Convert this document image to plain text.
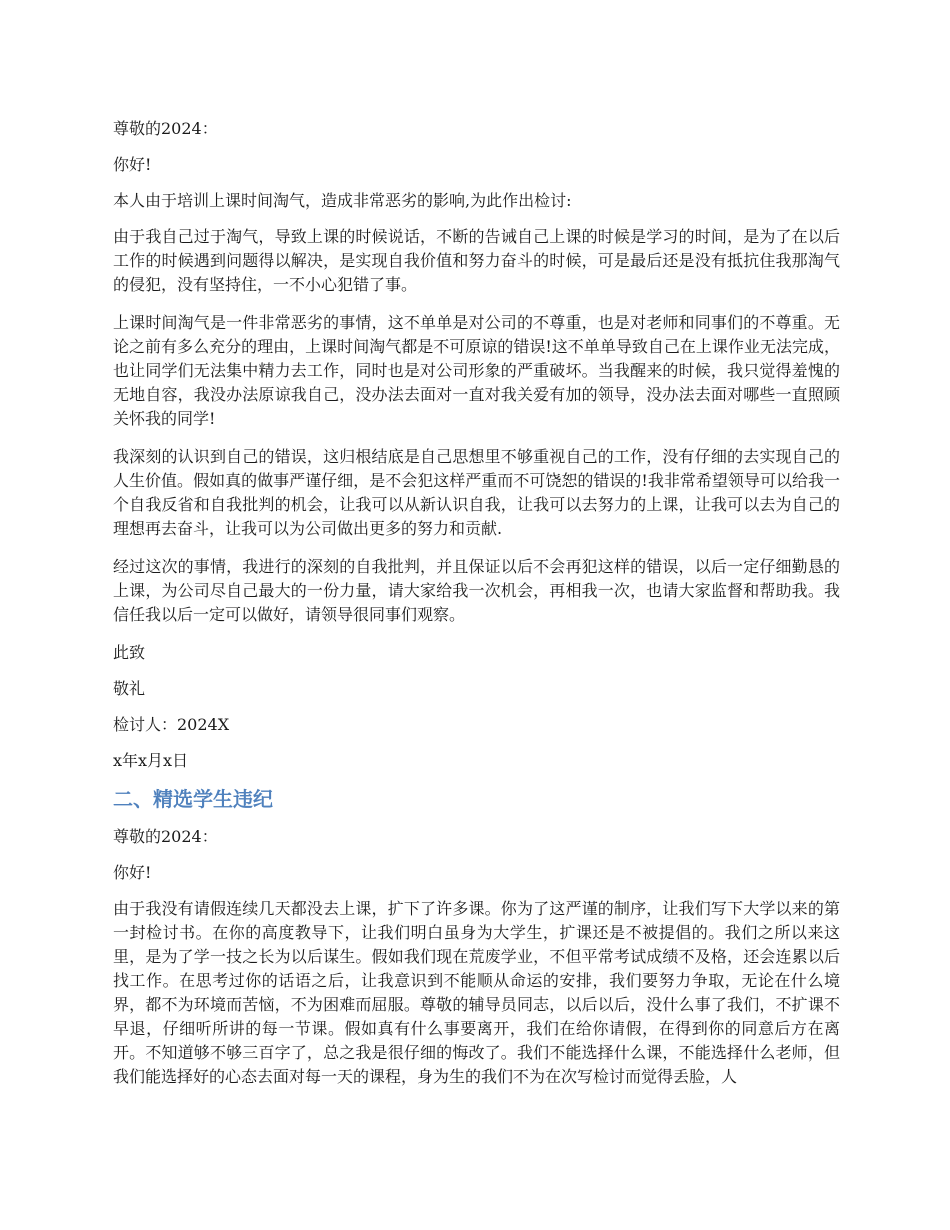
尊敬的2024：

你好!

本人由于培训上课时间淘气，造成非常恶劣的影响,为此作出检讨:

由于我自己过于淘气，导致上课的时候说话，不断的告诫自己上课的时候是学习的时间，是为了在以后工作的时候遇到问题得以解决，是实现自我价值和努力奋斗的时候，可是最后还是没有抵抗住我那淘气的侵犯，没有坚持住，一不小心犯错了事。

上课时间淘气是一件非常恶劣的事情，这不单单是对公司的不尊重，也是对老师和同事们的不尊重。无论之前有多么充分的理由，上课时间淘气都是不可原谅的错误!这不单单导致自己在上课作业无法完成，也让同学们无法集中精力去工作，同时也是对公司形象的严重破坏。当我醒来的时候，我只觉得羞愧的无地自容，我没办法原谅我自己，没办法去面对一直对我关爱有加的领导，没办法去面对哪些一直照顾关怀我的同学!

我深刻的认识到自己的错误，这归根结底是自己思想里不够重视自己的工作，没有仔细的去实现自己的人生价值。假如真的做事严谨仔细，是不会犯这样严重而不可饶恕的错误的!我非常希望领导可以给我一个自我反省和自我批判的机会，让我可以从新认识自我，让我可以去努力的上课，让我可以去为自己的理想再去奋斗，让我可以为公司做出更多的努力和贡献.

经过这次的事情，我进行的深刻的自我批判，并且保证以后不会再犯这样的错误，以后一定仔细勤恳的上课，为公司尽自己最大的一份力量，请大家给我一次机会，再相我一次，也请大家监督和帮助我。我信任我以后一定可以做好，请领导很同事们观察。

此致

敬礼

检讨人：2024X

x年x月x日

二、精选学生违纪

尊敬的2024：

你好!

由于我没有请假连续几天都没去上课，扩下了许多课。你为了这严谨的制序，让我们写下大学以来的第一封检讨书。在你的高度教导下，让我们明白虽身为大学生，扩课还是不被提倡的。我们之所以来这里，是为了学一技之长为以后谋生。假如我们现在荒废学业，不但平常考试成绩不及格，还会连累以后找工作。在思考过你的话语之后，让我意识到不能顺从命运的安排，我们要努力争取，无论在什么境界，都不为环境而苦恼，不为困难而屈服。尊敬的辅导员同志，以后以后，没什么事了我们，不扩课不早退，仔细听所讲的每一节课。假如真有什么事要离开，我们在给你请假，在得到你的同意后方在离开。不知道够不够三百字了，总之我是很仔细的悔改了。我们不能选择什么课，不能选择什么老师，但我们能选择好的心态去面对每一天的课程，身为生的我们不为在次写检讨而觉得丢脸，人
